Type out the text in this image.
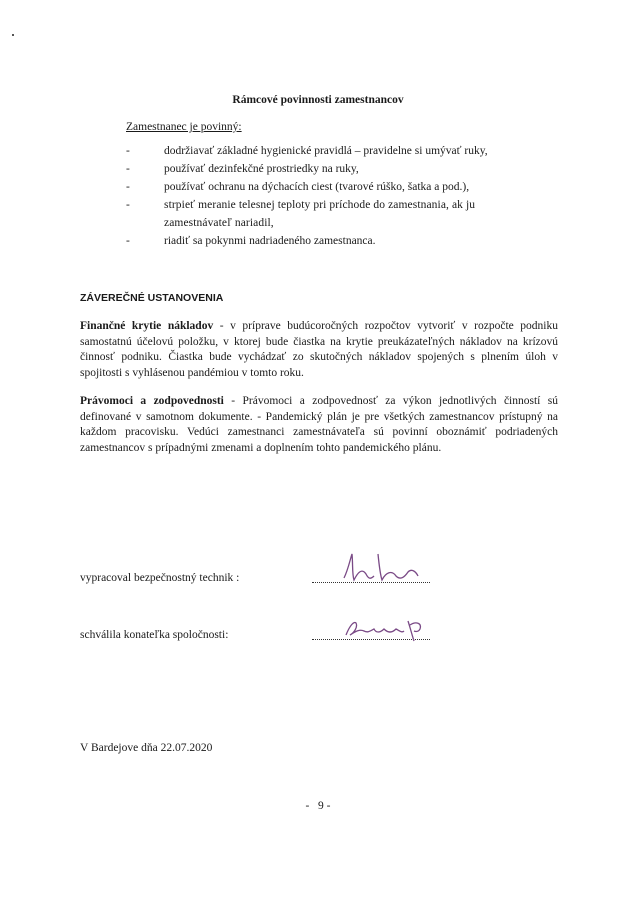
Rámcové povinnosti zamestnancov
Zamestnanec je povinný:
-	dodržiavať základné hygienické pravidlá – pravidelne si umývať ruky,
-	používať dezinfekčné prostriedky na ruky,
-	používať ochranu na dýchacích ciest (tvarové rúško, šatka a pod.),
-	strpieť meranie telesnej teploty pri príchode do zamestnania, ak ju zamestnávateľ nariadil,
-	riadiť sa pokynmi nadriadeného zamestnanca.
ZÁVEREČNÉ USTANOVENIA

Finančné krytie nákladov - v príprave budúcoročných rozpočtov vytvoriť v rozpočte podniku samostatnú účelovú položku, v ktorej bude čiastka na krytie preukázateľných nákladov na krízovú činnosť podniku. Čiastka bude vychádzať zo skutočných nákladov spojených s plnením úloh v spojitosti s vyhlásenou pandémiou v tomto roku.

Právomoci a zodpovednosti - Právomoci a zodpovednosť za výkon jednotlivých činností sú definované v samotnom dokumente. - Pandemický plán je pre všetkých zamestnancov prístupný na každom pracovisku. Vedúci zamestnanci zamestnávateľa sú povinní oboznámiť podriadených zamestnancov s prípadnými zmenami a doplnením tohto pandemického plánu.

vypracoval bezpečnostný technik :
schválila konateľka spoločnosti:
V Bardejove dňa 22.07.2020
-   9 -
